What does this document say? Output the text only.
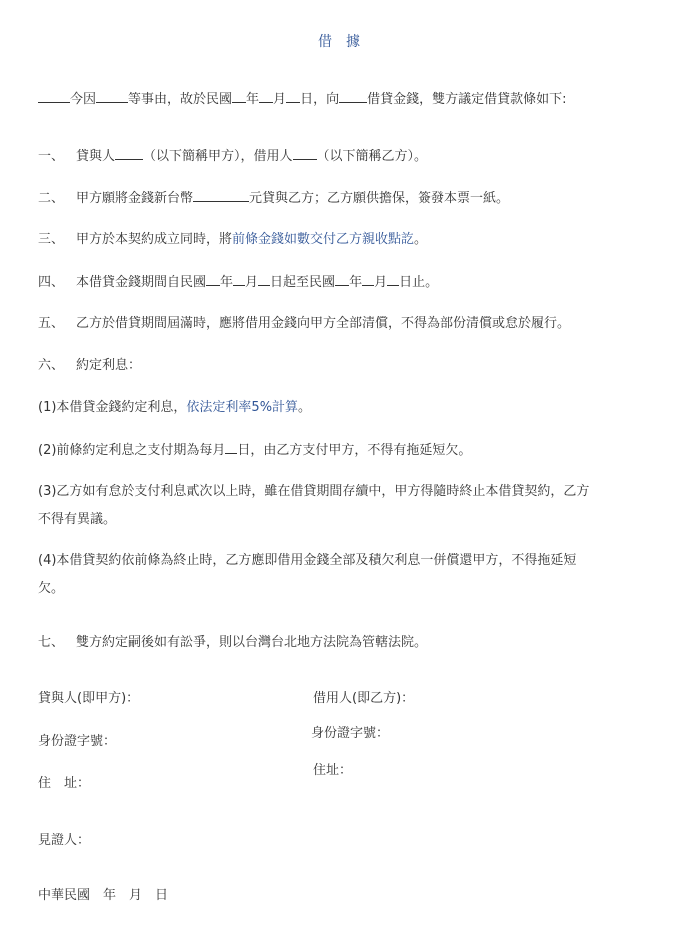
借 據
今因 等事由，故於民國 年 月 日，向 借貸金錢，雙方議定借貸款條如下:
一、 貸與人 （以下簡稱甲方），借用人 （以下簡稱乙方）。
二、 甲方願將金錢新台幣	元貸與乙方；乙方願供擔保，簽發本票一紙。
三、 甲方於本契約成立同時，將前條金錢如數交付乙方親收點訖。
四、 本借貸金錢期間自民國 年 月 日起至民國 年 月 日止。
五、 乙方於借貸期間屆滿時，應將借用金錢向甲方全部清償，不得為部份清償或怠於履行。
六、 約定利息：
(1)本借貸金錢約定利息，依法定利率5%計算。
(2)前條約定利息之支付期為每月 日，由乙方支付甲方，不得有拖延短欠。
(3)乙方如有怠於支付利息貳次以上時，雖在借貸期間存續中，甲方得隨時終止本借貸契約，乙方
不得有異議。
(4)本借貸契約依前條為終止時，乙方應即借用金錢全部及積欠利息一併償還甲方，不得拖延短
欠。
七、 雙方約定嗣後如有訟爭，則以台灣台北地方法院為管轄法院。
貸與人(即甲方)：
身份證字號：
住　址：
借用人(即乙方)：
身份證字號：
住址：
見證人：
中華民國　年　月　日
